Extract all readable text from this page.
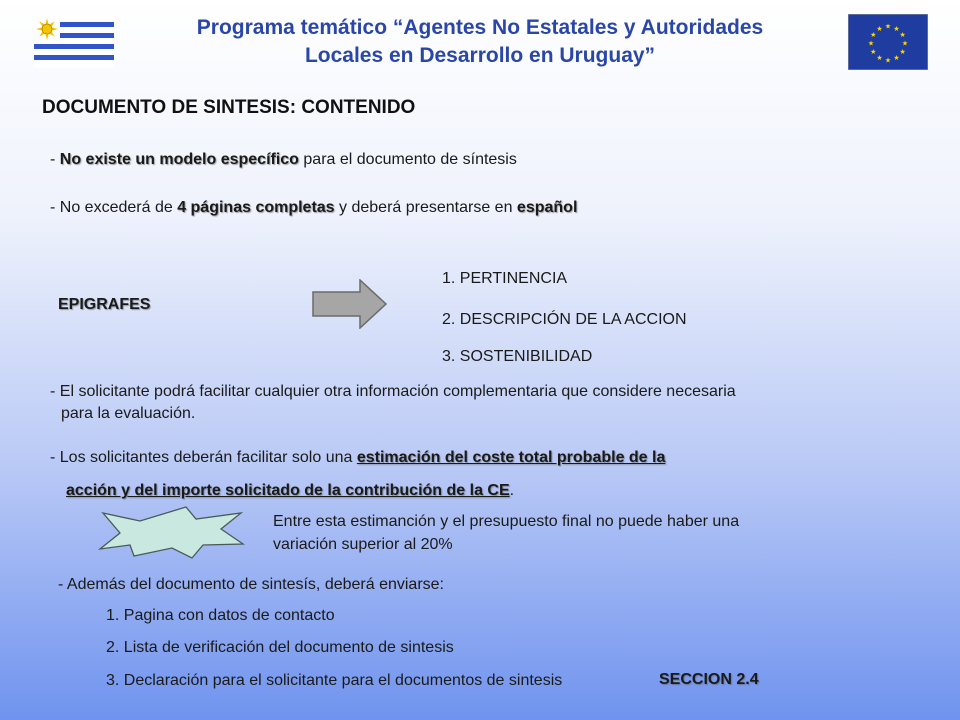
Programa temático “Agentes No Estatales y Autoridades
Locales en Desarrollo en Uruguay”
★ ★
★
★
★
★
★
★
★
★
★
★
DOCUMENTO DE SINTESIS: CONTENIDO
- No existe un modelo específico para el documento de síntesis
- No excederá de 4 páginas completas y deberá presentarse en español
EPIGRAFES
1. PERTINENCIA
2. DESCRIPCIÓN DE LA ACCION
3. SOSTENIBILIDAD
- El solicitante podrá facilitar cualquier otra información complementaria que considere necesaria
para la evaluación.
- Los solicitantes deberán facilitar solo una estimación del coste total probable de la
acción y del importe solicitado de la contribución de la CE.
Entre esta estimanción y el presupuesto final no puede haber una
variación superior al 20%
- Además del documento de sintesís, deberá enviarse:
1. Pagina con datos de contacto
2. Lista de verificación del documento de sintesis
3. Declaración para el solicitante para el documentos de sintesis	SECCION 2.4
